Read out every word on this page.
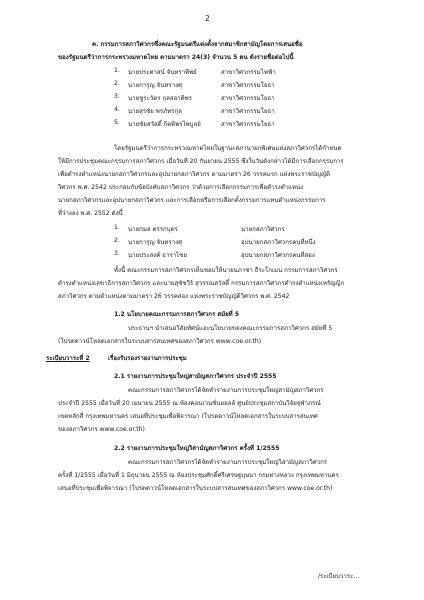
2
ค. กรรมการสภาวิศวกรซึ่งคณะรัฐมนตรีแต่งตั้งจากสมาชิกสามัญโดยการเสนอชื่อ
ของรัฐมนตรีว่าการกระทรวงมหาดไทย ตามมาตรา 24(3) จำนวน 5 คน ดังรายชื่อต่อไปนี้
1. นายประศาสน์ จันทราทิพย์	สาขาวิศวกรรมไฟฟ้า
2. นายการุญ จันทรางศุ	สาขาวิศวกรรมโยธา
3. นายชูระวัตร กุลสอาดิพร	สาขาวิศวกรรมโยธา
4. นายสุรชัย พรภัทรกุล	สาขาวิศวกรรมโยธา
5. นายชัยสวัสดิ์ กิตติพรไพบูลย์	สาขาวิศวกรรมโยธา
โดยรัฐมนตรีว่าการกระทรวงมหาดไทยในฐานะสภานายกพิเศษแห่งสภาวิศวกรได้กำหนด
ให้มีการประชุมคณะกรรมการสภาวิศวกร เมื่อวันที่ 20 กันยายน 2555 ซึ่งในวันดังกล่าวได้มีการเลือกกรรมการ
เพื่อดำรงตำแหน่งนายกสภาวิศวกรและอุปนายกสภาวิศวกร ตามมาตรา 26 วรรคแรก แห่งพระราชบัญญัติ
วิศวกร พ.ศ. 2542 ประกอบกับข้อบังคับสภาวิศวกร ว่าด้วยการเลือกกรรมการเพื่อดำรงตำแหน่ง
นายกสภาวิศวกรและอุปนายกสภาวิศวกร และการเลือกหรือการเลือกตั้งกรรมการแทนตำแหน่งกรรมการ
ที่ว่างลง พ.ศ. 2552 ดังนี้
1. นายกมล ตรรกบุตร	นายกสภาวิศวกร
2. นายการุญ จันทรางศุ	อุปนายกสภาวิศวกรคนที่หนึ่ง
3. นายประสงค์ ธาราไชย	อุปนายกสภาวิศวกรคนที่สอง
ทั้งนี้ คณะกรรมการสภาวิศวกรเห็นชอบให้นายนภาชา ธีระโกเมน กรรมการสภาวิศวกร
ดำรงตำแหน่งเลขาธิการสภาวิศวกร และนายสุชัชวีร์ สุวรรณสวัสดิ์ กรรมการสภาวิศวกรดำรงตำแหน่งเหรัญญิก
สภาวิศวกร ตามตำแหน่งตามมาตรา 26 วรรคสอง แห่งพระราชบัญญัติวิศวกร พ.ศ. 2542
1.2 นโยบายคณะกรรมการสภาวิศวกร สมัยที่ 5
ประธานฯ นำเสนอวิสัยทัศน์และนโยบายของคณะกรรมการสภาวิศวกร สมัยที่ 5
(โปรดดาวน์โหลดเอกสารในระบบสารสนเทศของสภาวิศวกร www.coe.or.th)
ระเบียบวาระที่ 2	เรื่องรับรองรายงานการประชุม
2.1 รายงานการประชุมใหญ่สามัญสภาวิศวกร ประจำปี 2555
คณะกรรมการสภาวิศวกรได้จัดทำรายงานการประชุมใหญ่สามัญสภาวิศวกร
ประจำปี 2555 เมื่อวันที่ 20 เมษายน 2555 ณ ห้องคอนเวนชั่นฮอลล์ ศูนย์ประชุมสถาบันวิจัยจุฬาภรณ์
เขตหลักสี่ กรุงเทพมหานคร เสนอที่ประชุมเพื่อพิจารณา (โปรดดาวน์โหลดเอกสารในระบบสารสนเทศ
ของสภาวิศวกร www.coe.or.th)
2.2 รายงานการประชุมใหญ่วิสามัญสภาวิศวกร ครั้งที่ 1/2555
คณะกรรมการสภาวิศวกรได้จัดทำรายงานการประชุมใหญ่วิสามัญสภาวิศวกร
ครั้งที่ 1/2555 เมื่อวันที่ 1 มิถุนายน 2555 ณ ห้องประชุมศักดิ์ศรีเศรษฐบุษบา กรมทางหลวง กรุงเทพมหานคร
เสนอที่ประชุมเพื่อพิจารณา (โปรดดาวน์โหลดเอกสารในระบบสารสนเทศของสภาวิศวกร www.coe.or.th)
/ระเบียบวาระ...
